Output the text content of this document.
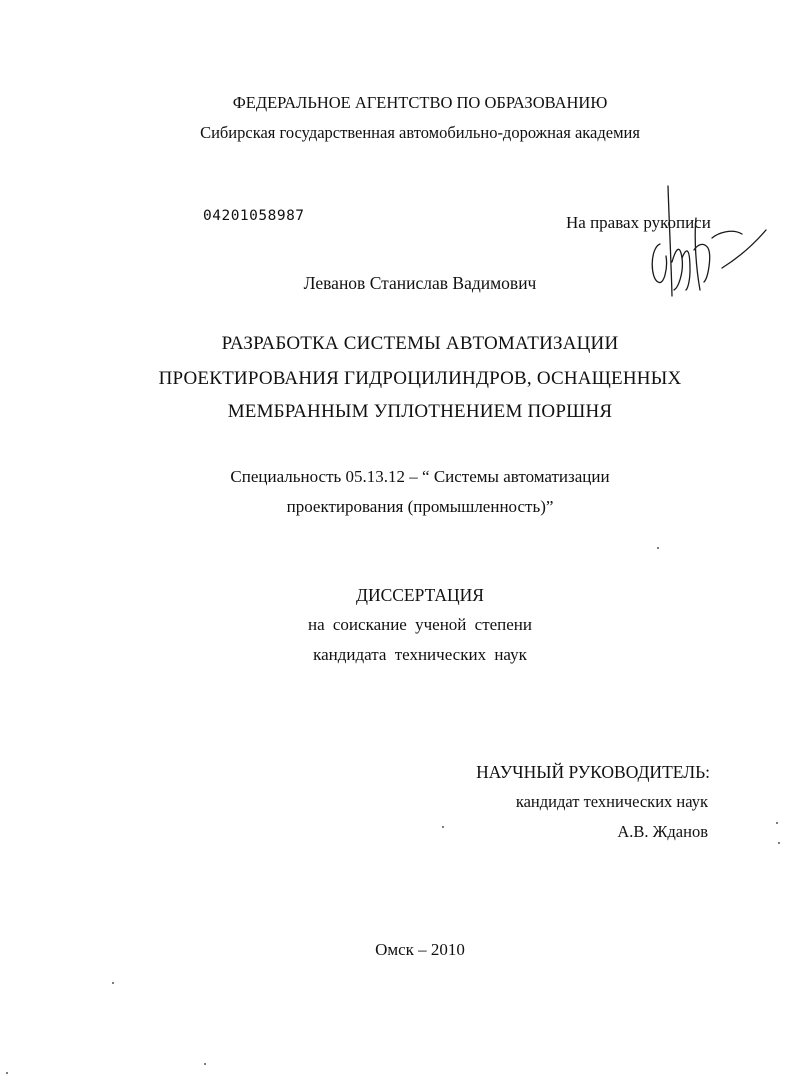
ФЕДЕРАЛЬНОЕ АГЕНТСТВО ПО ОБРАЗОВАНИЮ
Сибирская государственная автомобильно-дорожная академия
04201058987	На правах рукописи
Леванов Станислав Вадимович
РАЗРАБОТКА СИСТЕМЫ АВТОМАТИЗАЦИИ
ПРОЕКТИРОВАНИЯ ГИДРОЦИЛИНДРОВ, ОСНАЩЕННЫХ
МЕМБРАННЫМ УПЛОТНЕНИЕМ ПОРШНЯ
Специальность 05.13.12 – “ Системы автоматизации
проектирования (промышленность)”
ДИССЕРТАЦИЯ
на соискание ученой степени
кандидата технических наук
НАУЧНЫЙ РУКОВОДИТЕЛЬ:
кандидат технических наук
А.В. Жданов
Омск – 2010
